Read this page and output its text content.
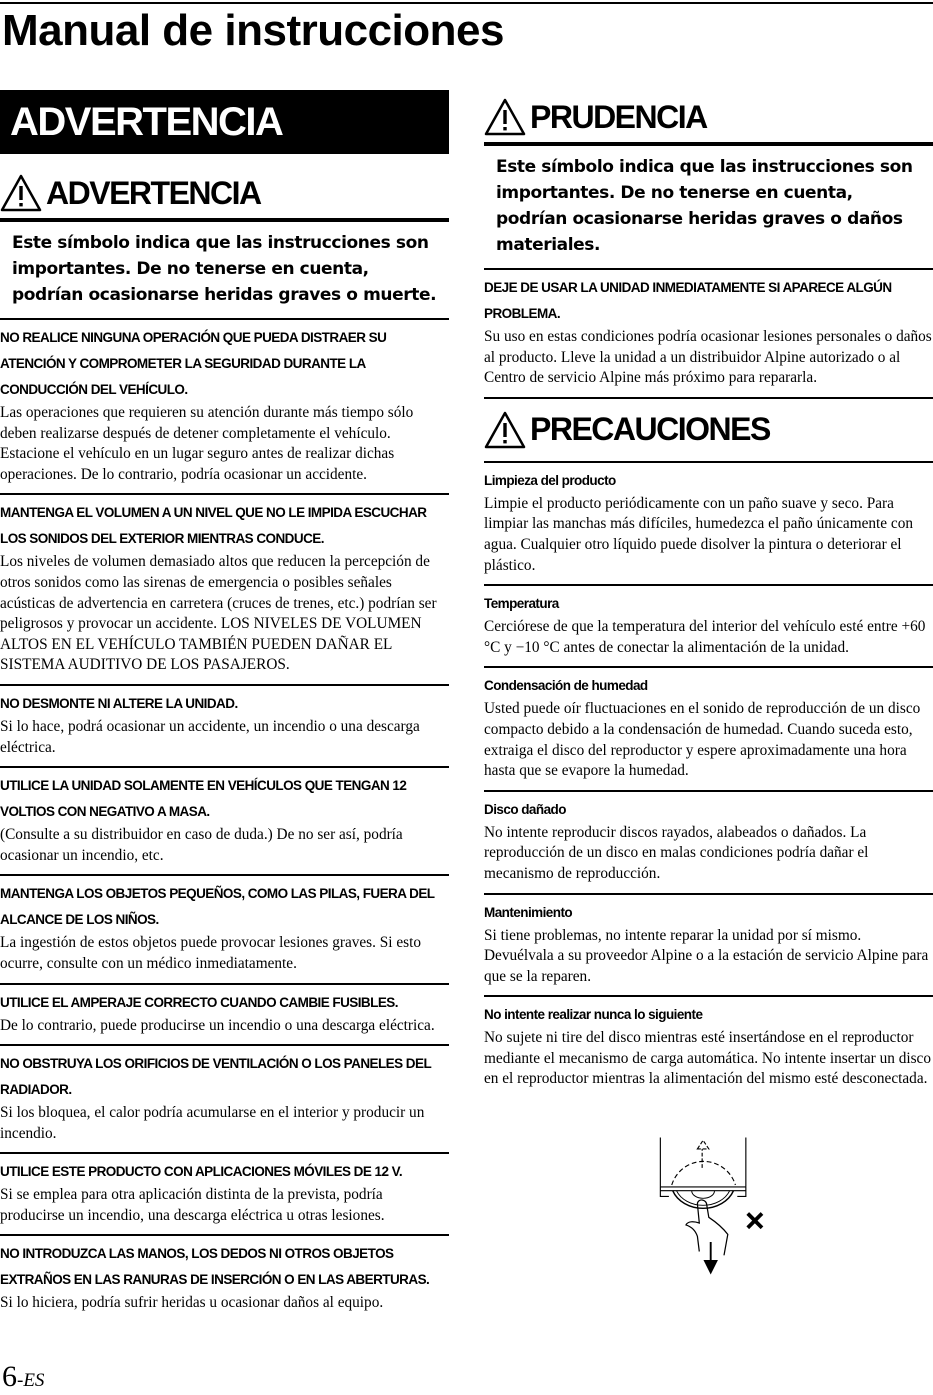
Manual de instrucciones
ADVERTENCIA
ADVERTENCIA
Este símbolo indica que las instrucciones son importantes. De no tenerse en cuenta, podrían ocasionarse heridas graves o muerte.
NO REALICE NINGUNA OPERACIÓN QUE PUEDA DISTRAER SU ATENCIÓN Y COMPROMETER LA SEGURIDAD DURANTE LA CONDUCCIÓN DEL VEHÍCULO.

Las operaciones que requieren su atención durante más tiempo sólo deben realizarse después de detener completamente el vehículo. Estacione el vehículo en un lugar seguro antes de realizar dichas operaciones. De lo contrario, podría ocasionar un accidente.

MANTENGA EL VOLUMEN A UN NIVEL QUE NO LE IMPIDA ESCUCHAR LOS SONIDOS DEL EXTERIOR MIENTRAS CONDUCE.

Los niveles de volumen demasiado altos que reducen la percepción de otros sonidos como las sirenas de emergencia o posibles señales acústicas de advertencia en carretera (cruces de trenes, etc.) podrían ser peligrosos y provocar un accidente. LOS NIVELES DE VOLUMEN ALTOS EN EL VEHÍCULO TAMBIÉN PUEDEN DAÑAR EL SISTEMA AUDITIVO DE LOS PASAJEROS.

NO DESMONTE NI ALTERE LA UNIDAD.

Si lo hace, podrá ocasionar un accidente, un incendio o una descarga eléctrica.

UTILICE LA UNIDAD SOLAMENTE EN VEHÍCULOS QUE TENGAN 12 VOLTIOS CON NEGATIVO A MASA.

(Consulte a su distribuidor en caso de duda.) De no ser así, podría ocasionar un incendio, etc.

MANTENGA LOS OBJETOS PEQUEÑOS, COMO LAS PILAS, FUERA DEL ALCANCE DE LOS NIÑOS.

La ingestión de estos objetos puede provocar lesiones graves. Si esto ocurre, consulte con un médico inmediatamente.

UTILICE EL AMPERAJE CORRECTO CUANDO CAMBIE FUSIBLES.

De lo contrario, puede producirse un incendio o una descarga eléctrica.

NO OBSTRUYA LOS ORIFICIOS DE VENTILACIÓN O LOS PANELES DEL RADIADOR.

Si los bloquea, el calor podría acumularse en el interior y producir un incendio.

UTILICE ESTE PRODUCTO CON APLICACIONES MÓVILES DE 12 V.

Si se emplea para otra aplicación distinta de la prevista, podría producirse un incendio, una descarga eléctrica u otras lesiones.

NO INTRODUZCA LAS MANOS, LOS DEDOS NI OTROS OBJETOS EXTRAÑOS EN LAS RANURAS DE INSERCIÓN O EN LAS ABERTURAS.

Si lo hiciera, podría sufrir heridas u ocasionar daños al equipo.

PRUDENCIA
Este símbolo indica que las instrucciones son importantes. De no tenerse en cuenta, podrían ocasionarse heridas graves o daños materiales.
DEJE DE USAR LA UNIDAD INMEDIATAMENTE SI APARECE ALGÚN PROBLEMA.

Su uso en estas condiciones podría ocasionar lesiones personales o daños al producto. Lleve la unidad a un distribuidor Alpine autorizado o al Centro de servicio Alpine más próximo para repararla.

PRECAUCIONES
Limpieza del producto

Limpie el producto periódicamente con un paño suave y seco. Para limpiar las manchas más difíciles, humedezca el paño únicamente con agua. Cualquier otro líquido puede disolver la pintura o deteriorar el plástico.

Temperatura

Cerciórese de que la temperatura del interior del vehículo esté entre +60 °C y −10 °C antes de conectar la alimentación de la unidad.

Condensación de humedad

Usted puede oír fluctuaciones en el sonido de reproducción de un disco compacto debido a la condensación de humedad. Cuando suceda esto, extraiga el disco del reproductor y espere aproximadamente una hora hasta que se evapore la humedad.

Disco dañado

No intente reproducir discos rayados, alabeados o dañados. La reproducción de un disco en malas condiciones podría dañar el mecanismo de reproducción.

Mantenimiento

Si tiene problemas, no intente reparar la unidad por sí mismo. Devuélvala a su proveedor Alpine o a la estación de servicio Alpine para que se la reparen.

No intente realizar nunca lo siguiente

No sujete ni tire del disco mientras esté insertándose en el reproductor mediante el mecanismo de carga automática. No intente insertar un disco en el reproductor mientras la alimentación del mismo esté desconectada.

6-ES
